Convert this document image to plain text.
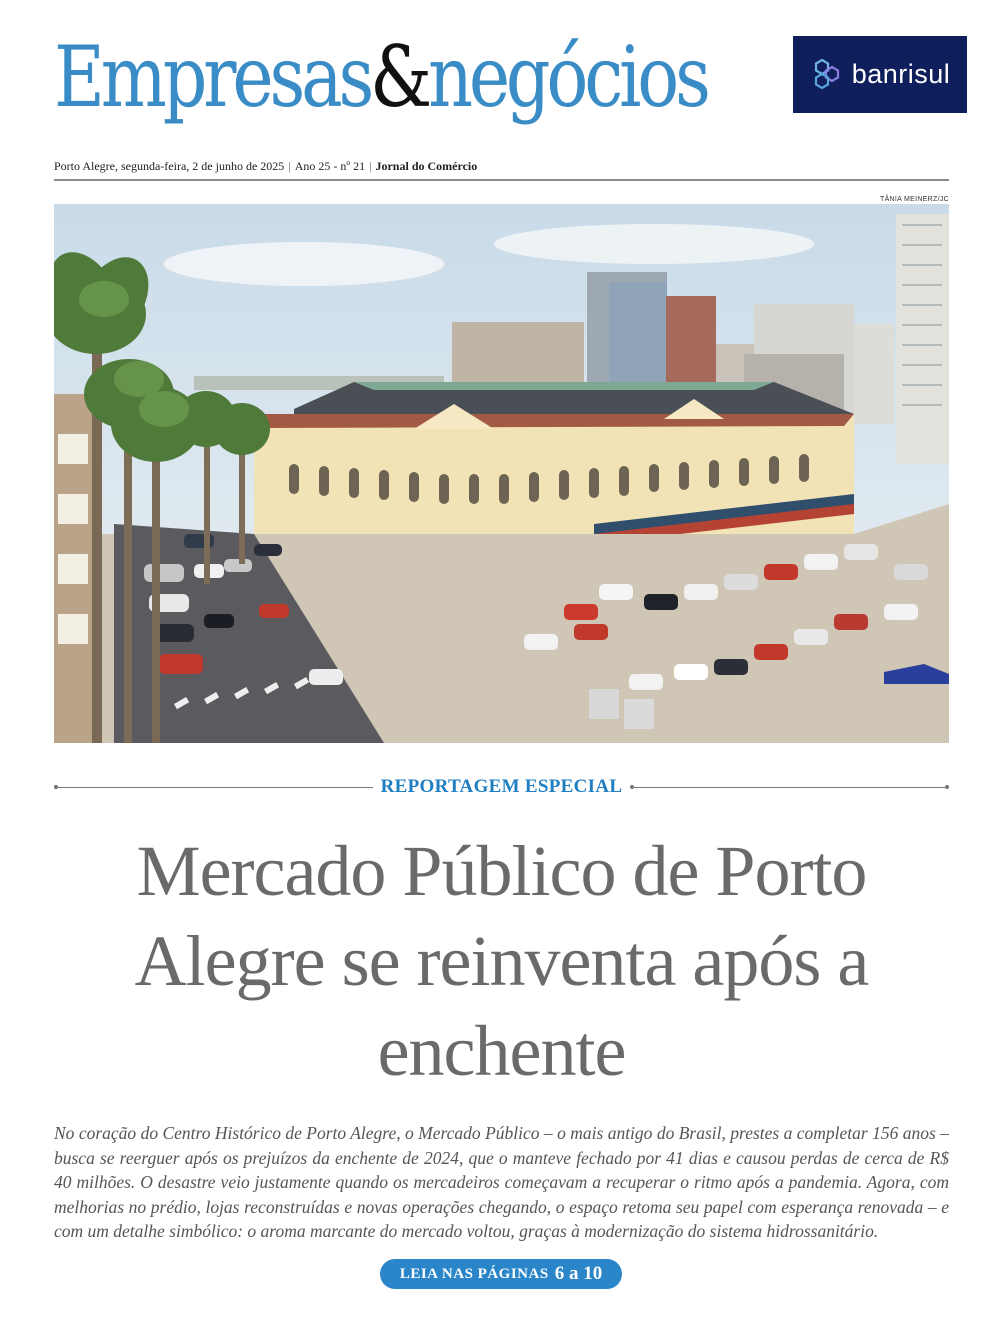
Empresas&negócios	banrisul
Porto Alegre, segunda-feira, 2 de junho de 2025 | Ano 25 - nº 21 | Jornal do Comércio
TÂNIA MEINERZ/JC
REPORTAGEM ESPECIAL
Mercado Público de Porto Alegre se reinventa após a enchente
No coração do Centro Histórico de Porto Alegre, o Mercado Público – o mais antigo do Brasil, prestes a completar 156 anos – busca se reerguer após os prejuízos da enchente de 2024, que o manteve fechado por 41 dias e causou perdas de cerca de R$ 40 milhões. O desastre veio justamente quando os mercadeiros começavam a recuperar o ritmo após a pandemia. Agora, com melhorias no prédio, lojas reconstruídas e novas operações chegando, o espaço retoma seu papel com esperança renovada – e com um detalhe simbólico: o aroma marcante do mercado voltou, graças à modernização do sistema hidrossanitário.
LEIA NAS PÁGINAS 6 a 10
